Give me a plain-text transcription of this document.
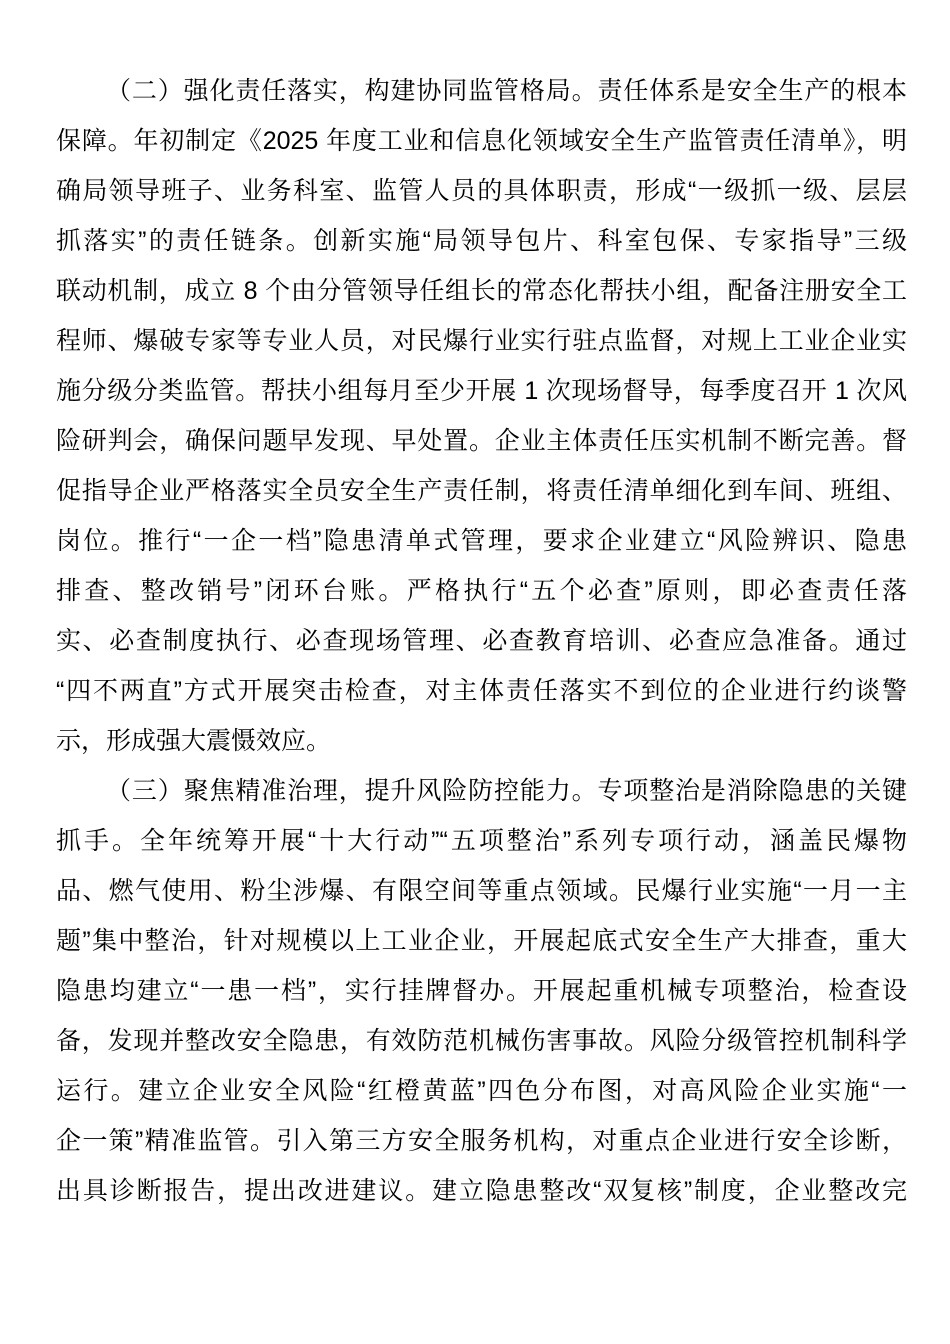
（二）强化责任落实，构建协同监管格局。责任体系是安全生产的根本
保障。年初制定《2025 年度工业和信息化领域安全生产监管责任清单》，明
确局领导班子、业务科室、监管人员的具体职责，形成“一级抓一级、层层
抓落实”的责任链条。创新实施“局领导包片、科室包保、专家指导”三级
联动机制，成立 8 个由分管领导任组长的常态化帮扶小组，配备注册安全工
程师、爆破专家等专业人员，对民爆行业实行驻点监督，对规上工业企业实
施分级分类监管。帮扶小组每月至少开展 1 次现场督导，每季度召开 1 次风
险研判会，确保问题早发现、早处置。企业主体责任压实机制不断完善。督
促指导企业严格落实全员安全生产责任制，将责任清单细化到车间、班组、
岗位。推行“一企一档”隐患清单式管理，要求企业建立“风险辨识、隐患
排查、整改销号”闭环台账。严格执行“五个必查”原则，即必查责任落
实、必查制度执行、必查现场管理、必查教育培训、必查应急准备。通过
“四不两直”方式开展突击检查，对主体责任落实不到位的企业进行约谈警
示，形成强大震慑效应。
（三）聚焦精准治理，提升风险防控能力。专项整治是消除隐患的关键
抓手。全年统筹开展“十大行动”“五项整治”系列专项行动，涵盖民爆物
品、燃气使用、粉尘涉爆、有限空间等重点领域。民爆行业实施“一月一主
题”集中整治，针对规模以上工业企业，开展起底式安全生产大排查，重大
隐患均建立“一患一档”，实行挂牌督办。开展起重机械专项整治，检查设
备，发现并整改安全隐患，有效防范机械伤害事故。风险分级管控机制科学
运行。建立企业安全风险“红橙黄蓝”四色分布图，对高风险企业实施“一
企一策”精准监管。引入第三方安全服务机构，对重点企业进行安全诊断，
出具诊断报告，提出改进建议。建立隐患整改“双复核”制度，企业整改完
